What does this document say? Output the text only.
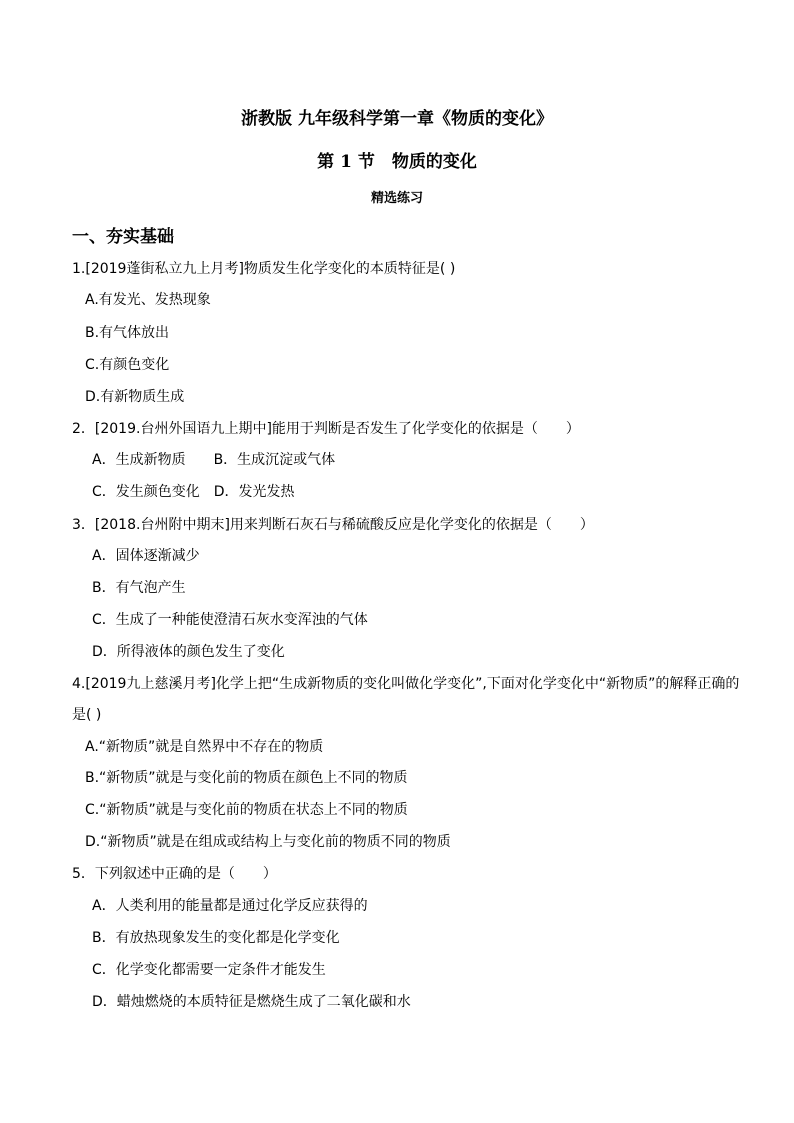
浙教版 九年级科学第一章《物质的变化》
第 1 节　物质的变化
精选练习
一、夯实基础
1.[2019蓬街私立九上月考]物质发生化学变化的本质特征是( )
A.有发光、发热现象
B.有气体放出
C.有颜色变化
D.有新物质生成
2．[2019.台州外国语九上期中]能用于判断是否发生了化学变化的依据是（　　）
A．生成新物质　　B．生成沉淀或气体
C．发生颜色变化　D．发光发热
3．[2018.台州附中期末]用来判断石灰石与稀硫酸反应是化学变化的依据是（　　）
A．固体逐渐减少
B．有气泡产生
C．生成了一种能使澄清石灰水变浑浊的气体
D．所得液体的颜色发生了变化
4.[2019九上慈溪月考]化学上把“生成新物质的变化叫做化学变化”,下面对化学变化中“新物质”的解释正确的
是( )
A.“新物质”就是自然界中不存在的物质
B.“新物质”就是与变化前的物质在颜色上不同的物质
C.“新物质”就是与变化前的物质在状态上不同的物质
D.“新物质”就是在组成或结构上与变化前的物质不同的物质
5．下列叙述中正确的是（　　）
A．人类利用的能量都是通过化学反应获得的
B．有放热现象发生的变化都是化学变化
C．化学变化都需要一定条件才能发生
D．蜡烛燃烧的本质特征是燃烧生成了二氧化碳和水
